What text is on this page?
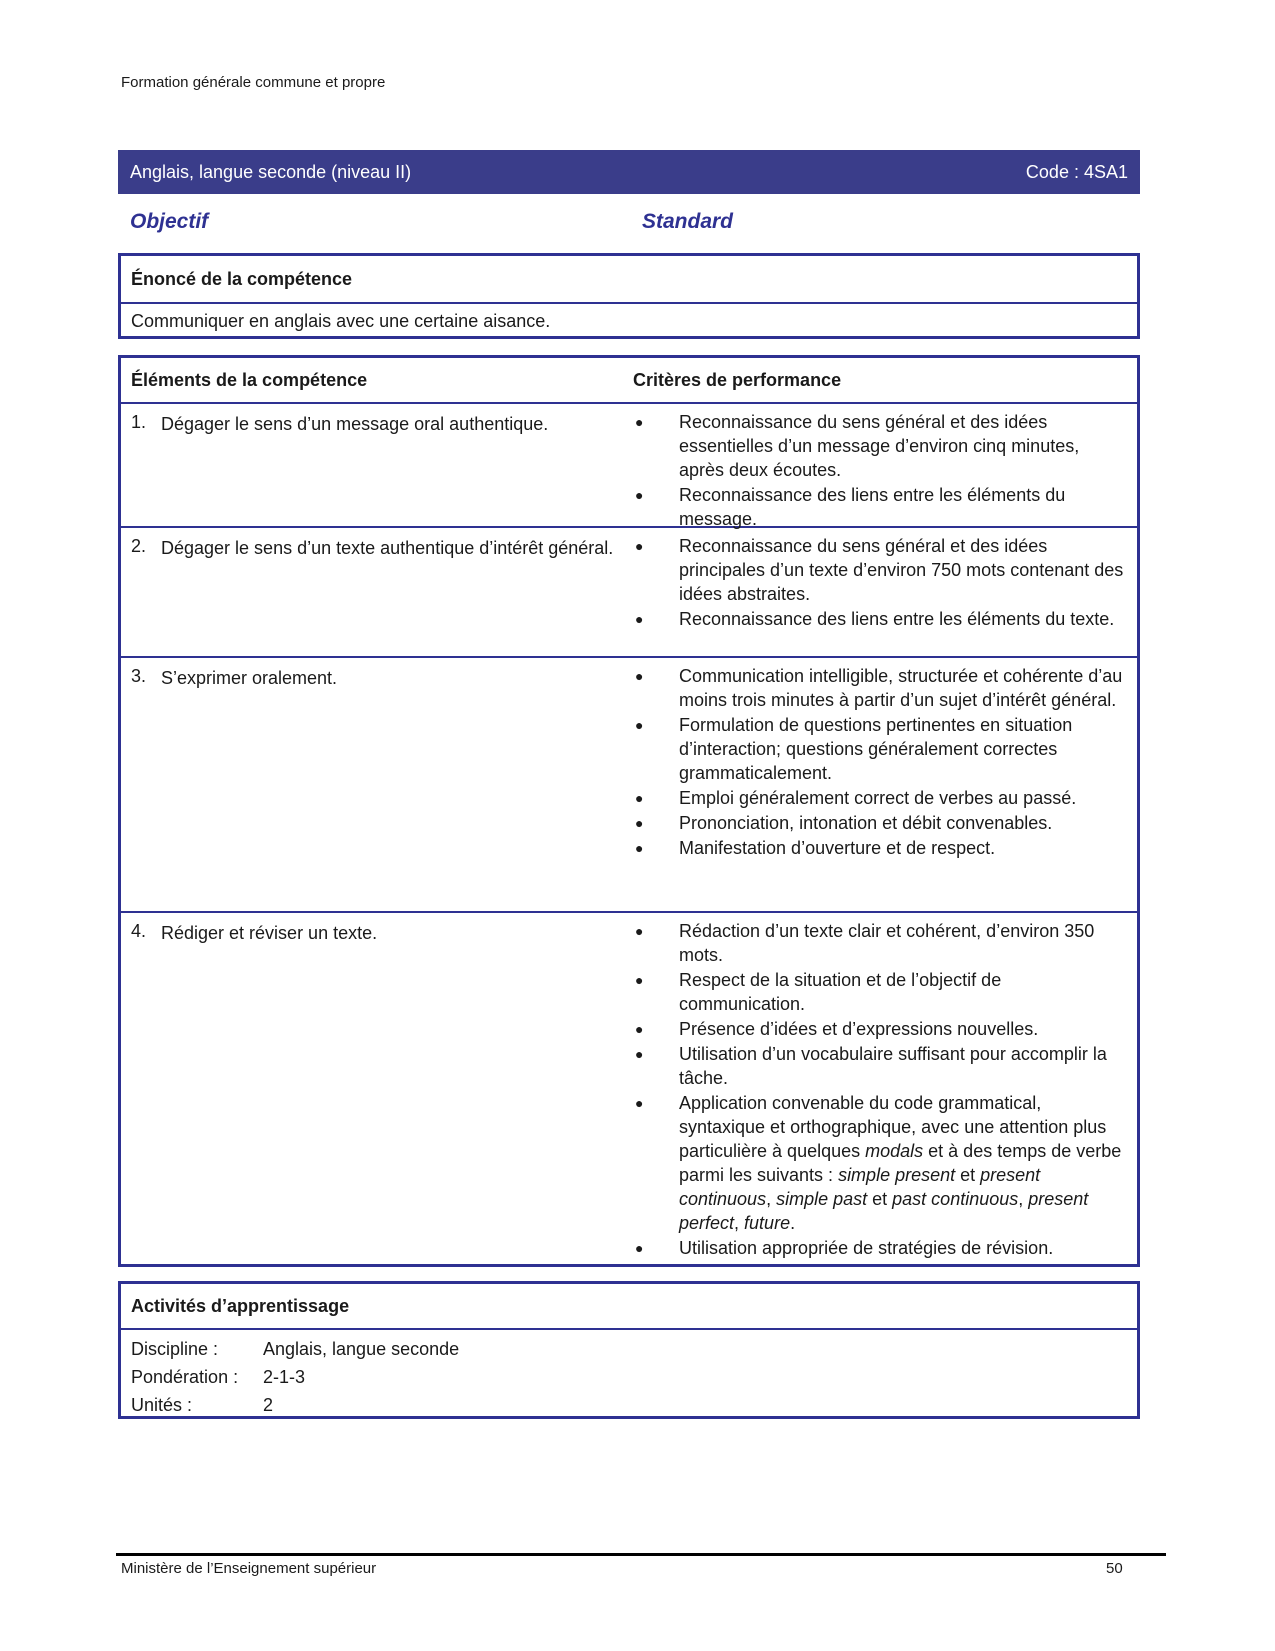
Formation générale commune et propre
Anglais, langue seconde (niveau II)	Code : 4SA1
Objectif	Standard
Énoncé de la compétence
Communiquer en anglais avec une certaine aisance.
Éléments de la compétence	Critères de performance
1. Dégager le sens d’un message oral authentique.	●	Reconnaissance du sens général et des idées essentielles d’un message d’environ cinq minutes, après deux écoutes.
●	Reconnaissance des liens entre les éléments du message.
2. Dégager le sens d’un texte authentique d’intérêt général.	●	Reconnaissance du sens général et des idées principales d’un texte d’environ 750 mots contenant des idées abstraites.
●	Reconnaissance des liens entre les éléments du texte.
3. S’exprimer oralement.	●	Communication intelligible, structurée et cohérente d’au moins trois minutes à partir d’un sujet d’intérêt général.
●	Formulation de questions pertinentes en situation d’interaction; questions généralement correctes grammaticalement.
●	Emploi généralement correct de verbes au passé.
●	Prononciation, intonation et débit convenables.
●	Manifestation d’ouverture et de respect.
4. Rédiger et réviser un texte.	●	Rédaction d’un texte clair et cohérent, d’environ 350 mots.
●	Respect de la situation et de l’objectif de communication.
●	Présence d’idées et d’expressions nouvelles.
●	Utilisation d’un vocabulaire suffisant pour accomplir la tâche.
●	Application convenable du code grammatical, syntaxique et orthographique, avec une attention plus particulière à quelques modals et à des temps de verbe parmi les suivants : simple present et present continuous, simple past et past continuous, present perfect, future.
●	Utilisation appropriée de stratégies de révision.
Activités d’apprentissage
Discipline :	Anglais, langue seconde
Pondération :	2-1-3
Unités :	2
Ministère de l’Enseignement supérieur	50
